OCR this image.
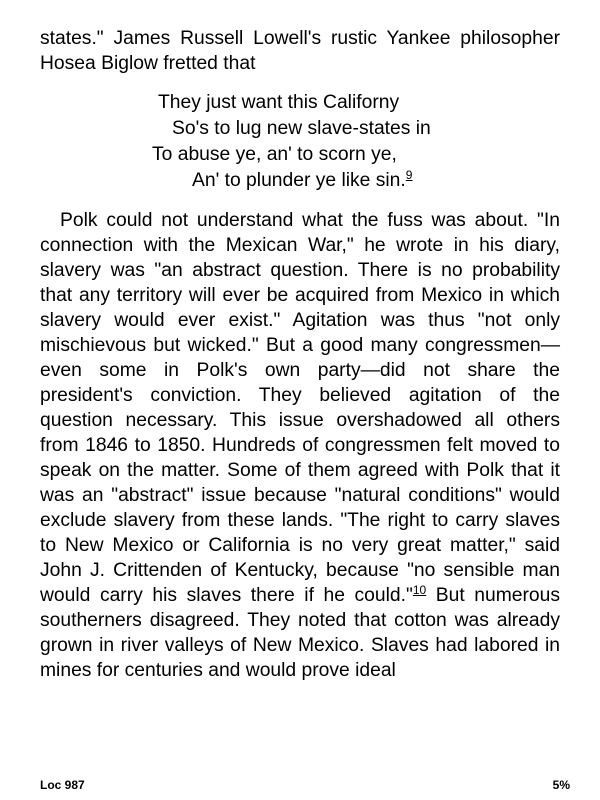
states." James Russell Lowell's rustic Yankee philosopher Hosea Biglow fretted that

They just want this Californy
So's to lug new slave-states in
To abuse ye, an' to scorn ye,
An' to plunder ye like sin.$^9$

Polk could not understand what the fuss was about. "In connection with the Mexican War," he wrote in his diary, slavery was "an abstract question. There is no probability that any territory will ever be acquired from Mexico in which slavery would ever exist." Agitation was thus "not only mischievous but wicked." But a good many congressmen—even some in Polk's own party—did not share the president's conviction. They believed agitation of the question necessary. This issue overshadowed all others from 1846 to 1850. Hundreds of congressmen felt moved to speak on the matter. Some of them agreed with Polk that it was an "abstract" issue because "natural conditions" would exclude slavery from these lands. "The right to carry slaves to New Mexico or California is no very great matter," said John J. Crittenden of Kentucky, because "no sensible man would carry his slaves there if he could."$^{10}$ But numerous southerners disagreed. They noted that cotton was already grown in river valleys of New Mexico. Slaves had labored in mines for centuries and would prove ideal

Loc 987	5%
